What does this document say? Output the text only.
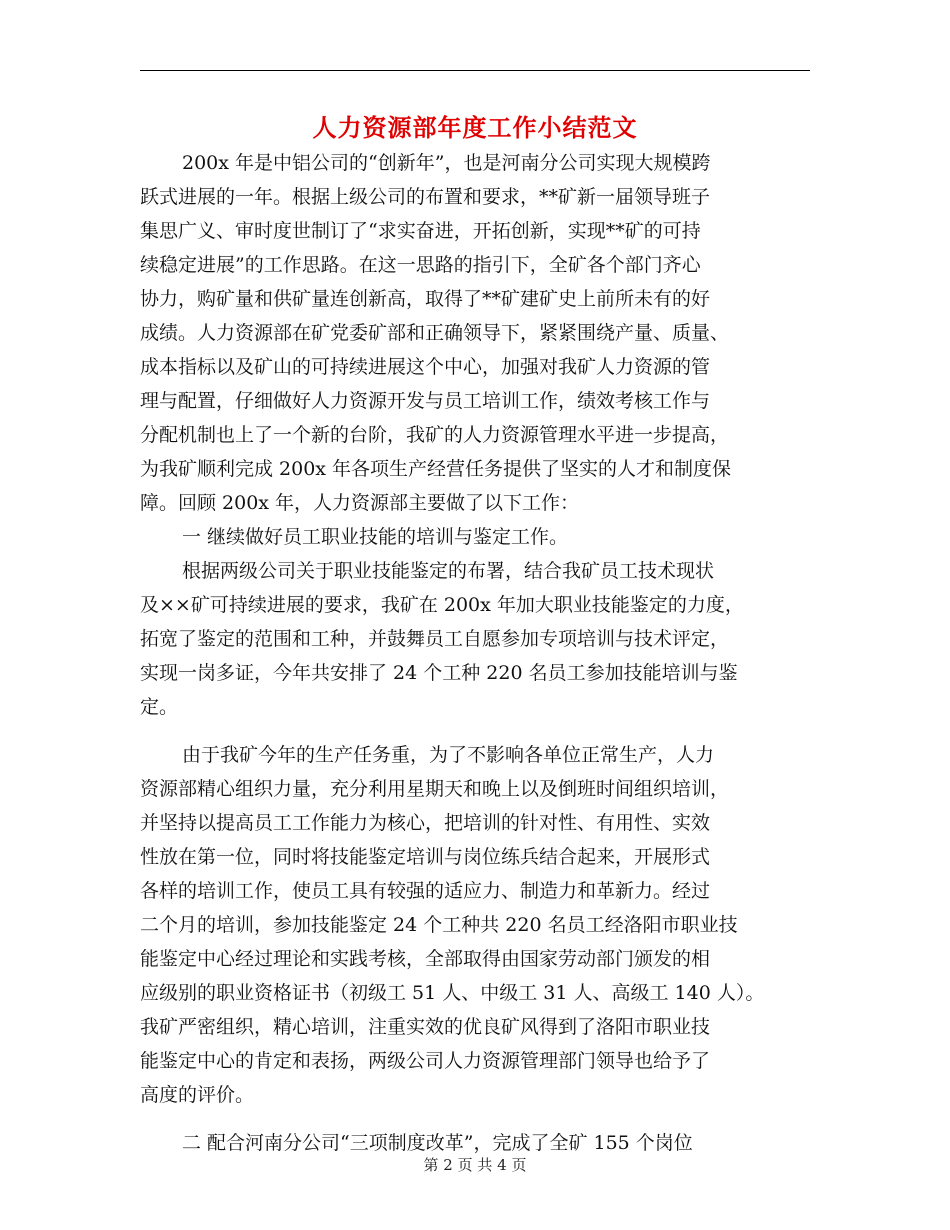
人力资源部年度工作小结范文
200x 年是中铝公司的“创新年”，也是河南分公司实现大规模跨
跃式进展的一年。根据上级公司的布置和要求，**矿新一届领导班子
集思广义、审时度世制订了“求实奋进，开拓创新，实现**矿的可持
续稳定进展”的工作思路。在这一思路的指引下，全矿各个部门齐心
协力，购矿量和供矿量连创新高，取得了**矿建矿史上前所未有的好
成绩。人力资源部在矿党委矿部和正确领导下，紧紧围绕产量、质量、
成本指标以及矿山的可持续进展这个中心，加强对我矿人力资源的管
理与配置，仔细做好人力资源开发与员工培训工作，绩效考核工作与
分配机制也上了一个新的台阶，我矿的人力资源管理水平进一步提高，
为我矿顺利完成 200x 年各项生产经营任务提供了坚实的人才和制度保
障。回顾 200x 年，人力资源部主要做了以下工作：
一 继续做好员工职业技能的培训与鉴定工作。
根据两级公司关于职业技能鉴定的布署，结合我矿员工技术现状
及××矿可持续进展的要求，我矿在 200x 年加大职业技能鉴定的力度，
拓宽了鉴定的范围和工种，并鼓舞员工自愿参加专项培训与技术评定，
实现一岗多证，今年共安排了 24 个工种 220 名员工参加技能培训与鉴
定。
由于我矿今年的生产任务重，为了不影响各单位正常生产，人力
资源部精心组织力量，充分利用星期天和晚上以及倒班时间组织培训，
并坚持以提高员工工作能力为核心，把培训的针对性、有用性、实效
性放在第一位，同时将技能鉴定培训与岗位练兵结合起来，开展形式
各样的培训工作，使员工具有较强的适应力、制造力和革新力。经过
二个月的培训，参加技能鉴定 24 个工种共 220 名员工经洛阳市职业技
能鉴定中心经过理论和实践考核，全部取得由国家劳动部门颁发的相
应级别的职业资格证书（初级工 51 人、中级工 31 人、高级工 140 人）。
我矿严密组织，精心培训，注重实效的优良矿风得到了洛阳市职业技
能鉴定中心的肯定和表扬，两级公司人力资源管理部门领导也给予了
高度的评价。
二 配合河南分公司“三项制度改革”，完成了全矿 155 个岗位
第 2 页 共 4 页
